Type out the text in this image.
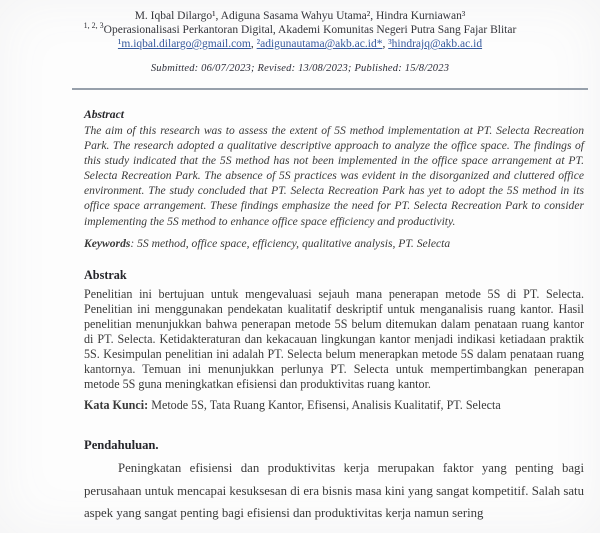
M. Iqbal Dilargo¹, Adiguna Sasama Wahyu Utama², Hindra Kurniawan³
$^{1, 2, 3}$Operasionalisasi Perkantoran Digital, Akademi Komunitas Negeri Putra Sang Fajar Blitar
¹m.iqbal.dilargo@gmail.com, ²adigunautama@akb.ac.id*, ³hindrajq@akb.ac.id
Submitted: 06/07/2023; Revised: 13/08/2023; Published: 15/8/2023
Abstract

The aim of this research was to assess the extent of 5S method implementation at PT. Selecta Recreation Park. The research adopted a qualitative descriptive approach to analyze the office space. The findings of this study indicated that the 5S method has not been implemented in the office space arrangement at PT. Selecta Recreation Park. The absence of 5S practices was evident in the disorganized and cluttered office environment. The study concluded that PT. Selecta Recreation Park has yet to adopt the 5S method in its office space arrangement. These findings emphasize the need for PT. Selecta Recreation Park to consider implementing the 5S method to enhance office space efficiency and productivity.

Keywords: 5S method, office space, efficiency, qualitative analysis, PT. Selecta

Abstrak

Penelitian ini bertujuan untuk mengevaluasi sejauh mana penerapan metode 5S di PT. Selecta. Penelitian ini menggunakan pendekatan kualitatif deskriptif untuk menganalisis ruang kantor. Hasil penelitian menunjukkan bahwa penerapan metode 5S belum ditemukan dalam penataan ruang kantor di PT. Selecta. Ketidakteraturan dan kekacauan lingkungan kantor menjadi indikasi ketiadaan praktik 5S. Kesimpulan penelitian ini adalah PT. Selecta belum menerapkan metode 5S dalam penataan ruang kantornya. Temuan ini menunjukkan perlunya PT. Selecta untuk mempertimbangkan penerapan metode 5S guna meningkatkan efisiensi dan produktivitas ruang kantor.

Kata Kunci: Metode 5S, Tata Ruang Kantor, Efisensi, Analisis Kualitatif, PT. Selecta

Pendahuluan.

Peningkatan efisiensi dan produktivitas kerja merupakan faktor yang penting bagi perusahaan untuk mencapai kesuksesan di era bisnis masa kini yang sangat kompetitif. Salah satu aspek yang sangat penting bagi efisiensi dan produktivitas kerja namun sering
